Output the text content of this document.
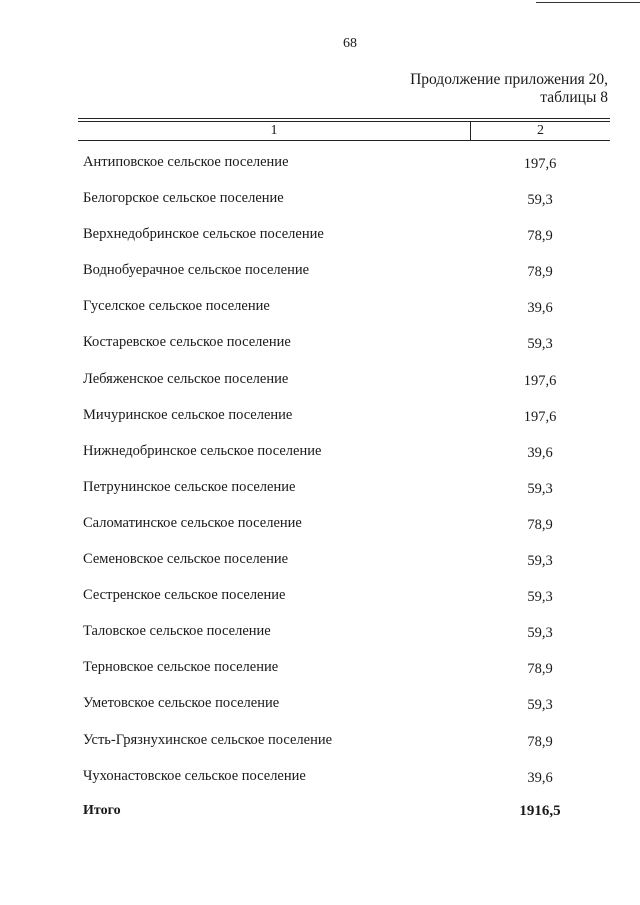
68
Продолжение приложения 20,
таблицы 8
1	2
Антиповское сельское поселение	197,6
Белогорское сельское поселение	59,3
Верхнедобринское сельское поселение	78,9
Воднобуерачное сельское поселение	78,9
Гуселское сельское поселение	39,6
Костаревское сельское поселение	59,3
Лебяженское сельское поселение	197,6
Мичуринское сельское поселение	197,6
Нижнедобринское сельское поселение	39,6
Петрунинское сельское поселение	59,3
Саломатинское сельское поселение	78,9
Семеновское сельское поселение	59,3
Сестренское сельское поселение	59,3
Таловское сельское поселение	59,3
Терновское сельское поселение	78,9
Уметовское сельское поселение	59,3
Усть-Грязнухинское сельское поселение	78,9
Чухонастовское сельское поселение	39,6
Итого	1916,5
